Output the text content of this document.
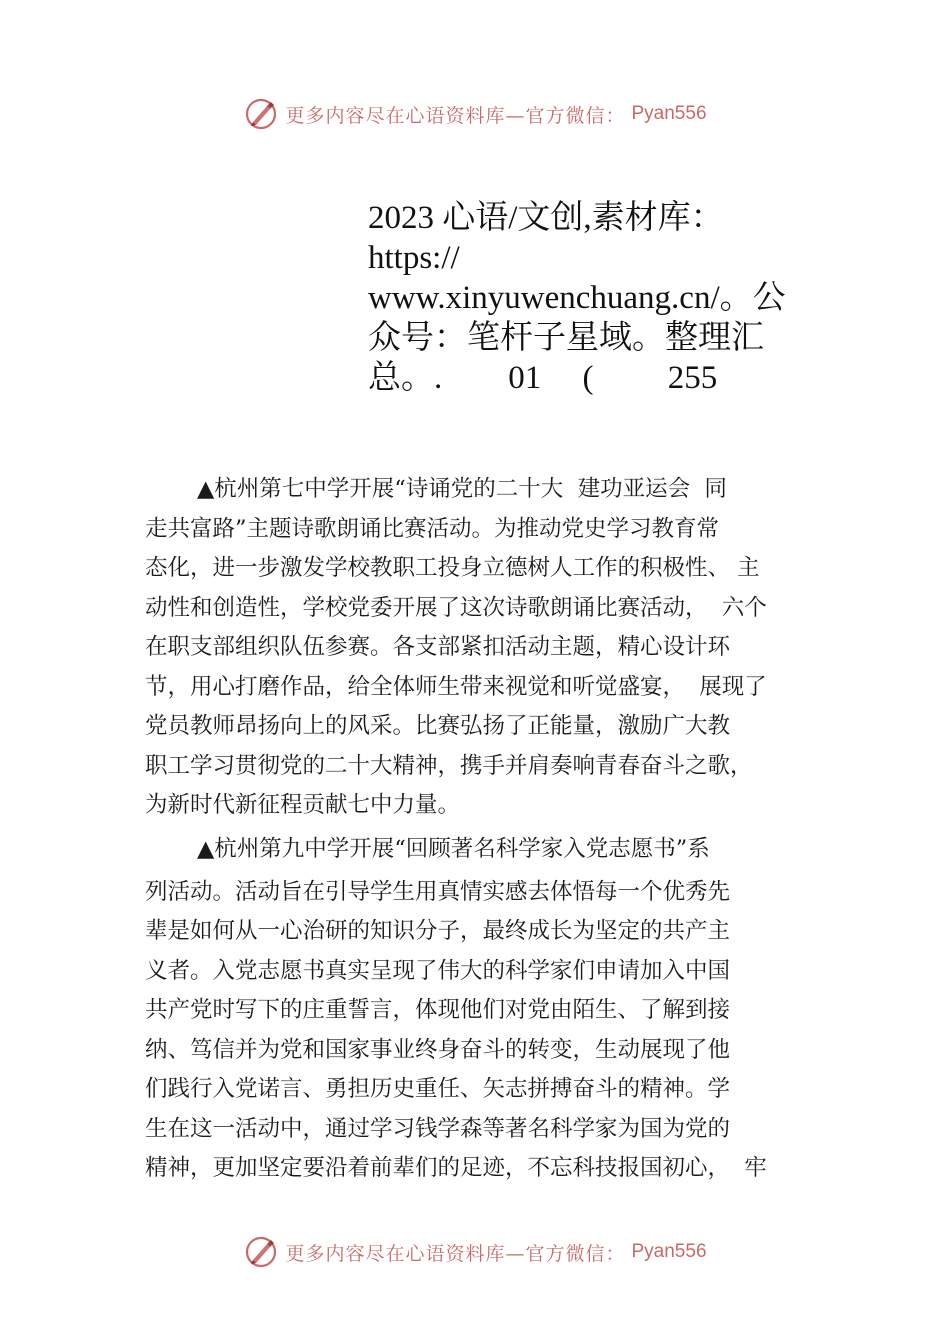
更多内容尽在心语资料库—官方微信： Pyan556
2023 心语/文创,素材库：
https://
www.xinyuwenchuang.cn/。公
众号：笔杆子星域。整理汇
总。.        01     (         255
▲杭州第七中学开展“诗诵党的二十大  建功亚运会  同
走共富路”主题诗歌朗诵比赛活动。为推动党史学习教育常
态化，进一步激发学校教职工投身立德树人工作的积极性、 主
动性和创造性，学校党委开展了这次诗歌朗诵比赛活动，  六个
在职支部组织队伍参赛。各支部紧扣活动主题，精心设计环
节，用心打磨作品，给全体师生带来视觉和听觉盛宴，  展现了
党员教师昂扬向上的风采。比赛弘扬了正能量，激励广大教
职工学习贯彻党的二十大精神，携手并肩奏响青春奋斗之歌，
为新时代新征程贡献七中力量。
▲杭州第九中学开展“回顾著名科学家入党志愿书”系
列活动。活动旨在引导学生用真情实感去体悟每一个优秀先
辈是如何从一心治研的知识分子，最终成长为坚定的共产主
义者。入党志愿书真实呈现了伟大的科学家们申请加入中国
共产党时写下的庄重誓言，体现他们对党由陌生、了解到接
纳、笃信并为党和国家事业终身奋斗的转变，生动展现了他
们践行入党诺言、勇担历史重任、矢志拼搏奋斗的精神。学
生在这一活动中，通过学习钱学森等著名科学家为国为党的
精神，更加坚定要沿着前辈们的足迹，不忘科技报国初心，  牢
更多内容尽在心语资料库—官方微信： Pyan556
